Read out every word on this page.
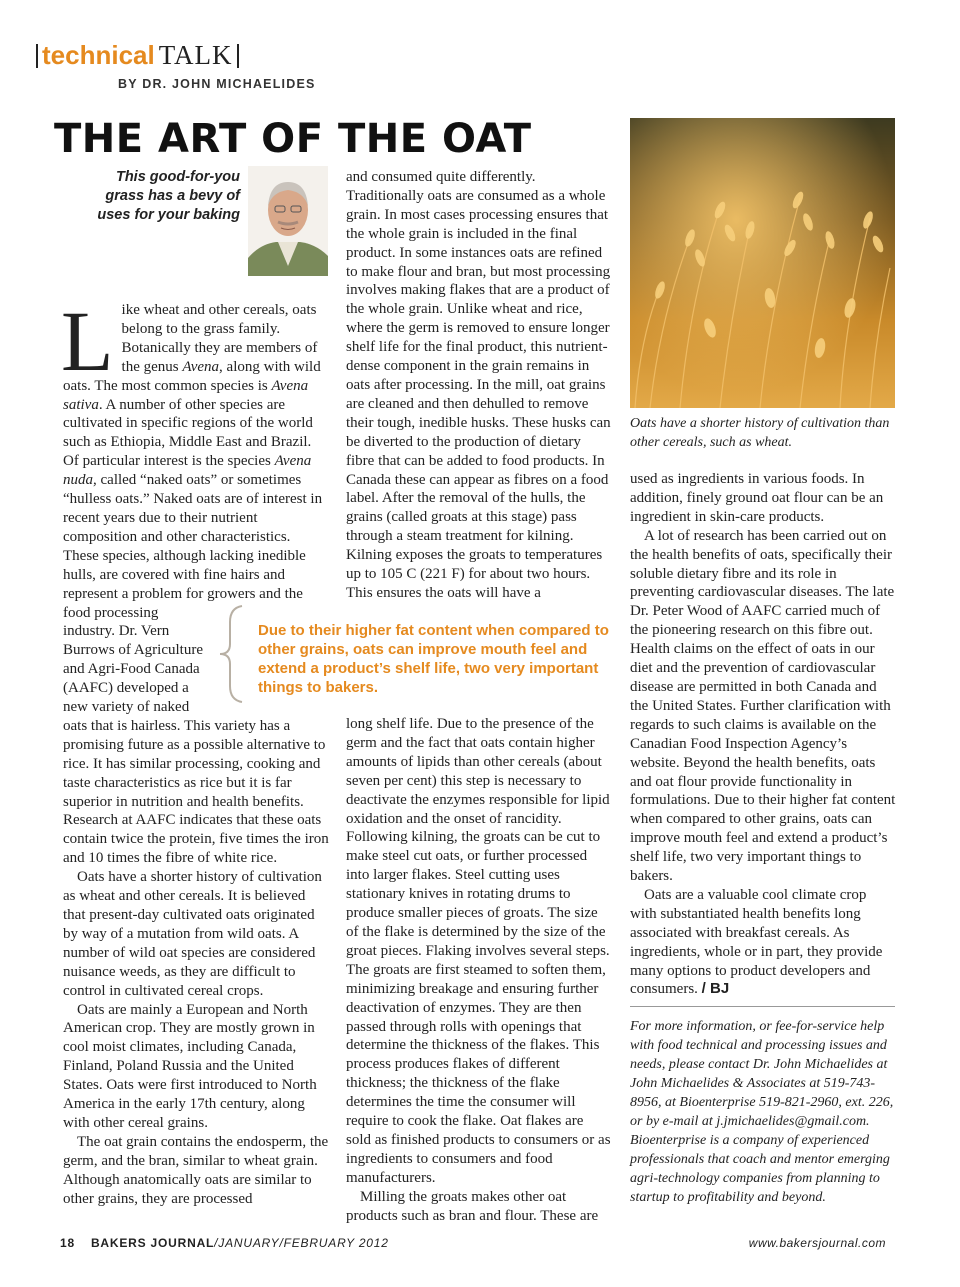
technical TALK
BY DR. JOHN MICHAELIDES
THE ART OF THE OAT
This good-for-you grass has a bevy of uses for your baking

Like wheat and other cereals, oats belong to the grass family. Botanically they are members of the genus Avena, along with wild oats. The most common species is Avena sativa. A number of other species are cultivated in specific regions of the world such as Ethiopia, Middle East and Brazil. Of particular interest is the species Avena nuda, called “naked oats” or sometimes “hulless oats.” Naked oats are of interest in recent years due to their nutrient composition and other characteristics. These species, although lacking inedible hulls, are covered with fine hairs and represent a problem for growers and the food processing

industry. Dr. Vern Burrows of Agriculture and Agri-Food Canada (AAFC) developed a new variety of naked

oats that is hairless. This variety has a promising future as a possible alternative to rice. It has similar processing, cooking and taste characteristics as rice but it is far superior in nutrition and health benefits. Research at AAFC indicates that these oats contain twice the protein, five times the iron and 10 times the fibre of white rice.

Oats have a shorter history of cultivation as wheat and other cereals. It is believed that present-day cultivated oats originated by way of a mutation from wild oats. A number of wild oat species are considered nuisance weeds, as they are difficult to control in cultivated cereal crops.

Oats are mainly a European and North American crop. They are mostly grown in cool moist climates, including Canada, Finland, Poland Russia and the United States. Oats were first introduced to North America in the early 17th century, along with other cereal grains.

The oat grain contains the endosperm, the germ, and the bran, similar to wheat grain. Although anatomically oats are similar to other grains, they are processed

and consumed quite differently. Traditionally oats are consumed as a whole grain. In most cases processing ensures that the whole grain is included in the final product. In some instances oats are refined to make flour and bran, but most processing involves making flakes that are a product of the whole grain. Unlike wheat and rice, where the germ is removed to ensure longer shelf life for the final product, this nutrient-dense component in the grain remains in oats after processing. In the mill, oat grains are cleaned and then dehulled to remove their tough, inedible husks. These husks can be diverted to the production of dietary fibre that can be added to food products. In Canada these can appear as fibres on a food label. After the removal of the hulls, the grains (called groats at this stage) pass through a steam treatment for kilning. Kilning exposes the groats to temperatures up to 105 C (221 F) for about two hours. This ensures the oats will have a

Due to their higher fat content when compared to other grains, oats can improve mouth feel and extend a product’s shelf life, two very important things to bakers.

long shelf life. Due to the presence of the germ and the fact that oats contain higher amounts of lipids than other cereals (about seven per cent) this step is necessary to deactivate the enzymes responsible for lipid oxidation and the onset of rancidity. Following kilning, the groats can be cut to make steel cut oats, or further processed into larger flakes. Steel cutting uses stationary knives in rotating drums to produce smaller pieces of groats. The size of the flake is determined by the size of the groat pieces. Flaking involves several steps. The groats are first steamed to soften them, minimizing breakage and ensuring further deactivation of enzymes. They are then passed through rolls with openings that determine the thickness of the flakes. This process produces flakes of different thickness; the thickness of the flake determines the time the consumer will require to cook the flake. Oat flakes are sold as finished products to consumers or as ingredients to consumers and food manufacturers.

Milling the groats makes other oat products such as bran and flour. These are

Oats have a shorter history of cultivation than other cereals, such as wheat.

used as ingredients in various foods. In addition, finely ground oat flour can be an ingredient in skin-care products.

A lot of research has been carried out on the health benefits of oats, specifically their soluble dietary fibre and its role in preventing cardiovascular diseases. The late Dr. Peter Wood of AAFC carried much of the pioneering research on this fibre out. Health claims on the effect of oats in our diet and the prevention of cardiovascular disease are permitted in both Canada and the United States. Further clarification with regards to such claims is available on the Canadian Food Inspection Agency’s website. Beyond the health benefits, oats and oat flour provide functionality in formulations. Due to their higher fat content when compared to other grains, oats can improve mouth feel and extend a product’s shelf life, two very important things to bakers.

Oats are a valuable cool climate crop with substantiated health benefits long associated with breakfast cereals. As ingredients, whole or in part, they provide many options to product developers and consumers. / BJ

For more information, or fee-for-service help with food technical and processing issues and needs, please contact Dr. John Michaelides at John Michaelides & Associates at 519-743-8956, at Bioenterprise 519-821-2960, ext. 226, or by e-mail at j.jmichaelides@gmail.com. Bioenterprise is a company of experienced professionals that coach and mentor emerging agri-technology companies from planning to startup to profitability and beyond.
18 BAKERS JOURNAL/JANUARY/FEBRUARY 2012	www.bakersjournal.com
